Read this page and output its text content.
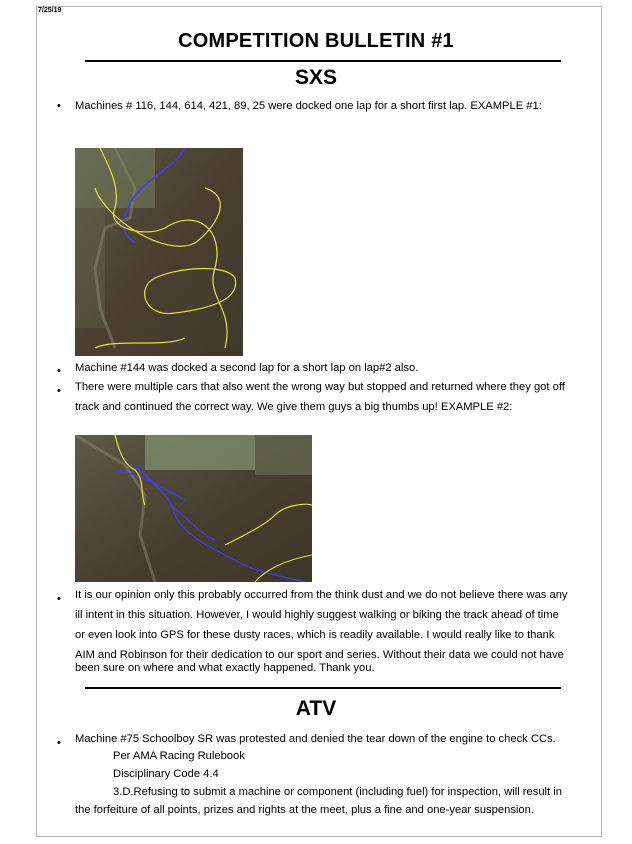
7/25/19
COMPETITION BULLETIN #1
SXS
• Machines # 116, 144, 614, 421, 89, 25 were docked one lap for a short first lap. EXAMPLE #1:
• Machine #144 was docked a second lap for a short lap on lap#2 also.
• There were multiple cars that also went the wrong way but stopped and returned where they got off
track and continued the correct way. We give them guys a big thumbs up! EXAMPLE #2:
• It is our opinion only this probably occurred from the think dust and we do not believe there was any
ill intent in this situation. However, I would highly suggest walking or biking the track ahead of time
or even look into GPS for these dusty races, which is readily available. I would really like to thank
AIM and Robinson for their dedication to our sport and series. Without their data we could not have
been sure on where and what exactly happened. Thank you.
ATV
• Machine #75 Schoolboy SR was protested and denied the tear down of the engine to check CCs.
Per AMA Racing Rulebook
Disciplinary Code 4.4
3.D.Refusing to submit a machine or component (including fuel) for inspection, will result in
the forfeiture of all points, prizes and rights at the meet, plus a fine and one-year suspension.
